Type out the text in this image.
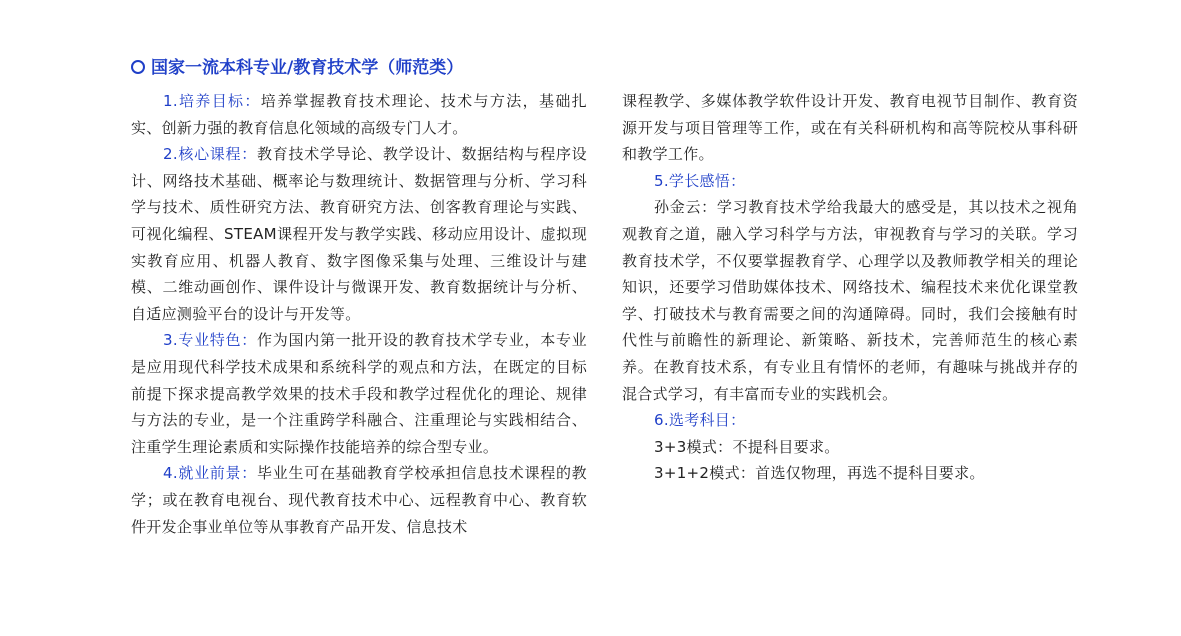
国家一流本科专业/教育技术学（师范类）

1.培养目标：培养掌握教育技术理论、技术与方法，基础扎实、创新力强的教育信息化领域的高级专门人才。

2.核心课程：教育技术学导论、教学设计、数据结构与程序设计、网络技术基础、概率论与数理统计、数据管理与分析、学习科学与技术、质性研究方法、教育研究方法、创客教育理论与实践、可视化编程、STEAM课程开发与教学实践、移动应用设计、虚拟现实教育应用、机器人教育、数字图像采集与处理、三维设计与建模、二维动画创作、课件设计与微课开发、教育数据统计与分析、自适应测验平台的设计与开发等。

3.专业特色：作为国内第一批开设的教育技术学专业，本专业是应用现代科学技术成果和系统科学的观点和方法，在既定的目标前提下探求提高教学效果的技术手段和教学过程优化的理论、规律与方法的专业，是一个注重跨学科融合、注重理论与实践相结合、注重学生理论素质和实际操作技能培养的综合型专业。

4.就业前景：毕业生可在基础教育学校承担信息技术课程的教学；或在教育电视台、现代教育技术中心、远程教育中心、教育软件开发企事业单位等从事教育产品开发、信息技术

课程教学、多媒体教学软件设计开发、教育电视节目制作、教育资源开发与项目管理等工作，或在有关科研机构和高等院校从事科研和教学工作。

5.学长感悟：

孙金云：学习教育技术学给我最大的感受是，其以技术之视角观教育之道，融入学习科学与方法，审视教育与学习的关联。学习教育技术学，不仅要掌握教育学、心理学以及教师教学相关的理论知识，还要学习借助媒体技术、网络技术、编程技术来优化课堂教学、打破技术与教育需要之间的沟通障碍。同时，我们会接触有时代性与前瞻性的新理论、新策略、新技术，完善师范生的核心素养。在教育技术系，有专业且有情怀的老师，有趣味与挑战并存的混合式学习，有丰富而专业的实践机会。

6.选考科目：

3+3模式：不提科目要求。

3+1+2模式：首选仅物理，再选不提科目要求。
